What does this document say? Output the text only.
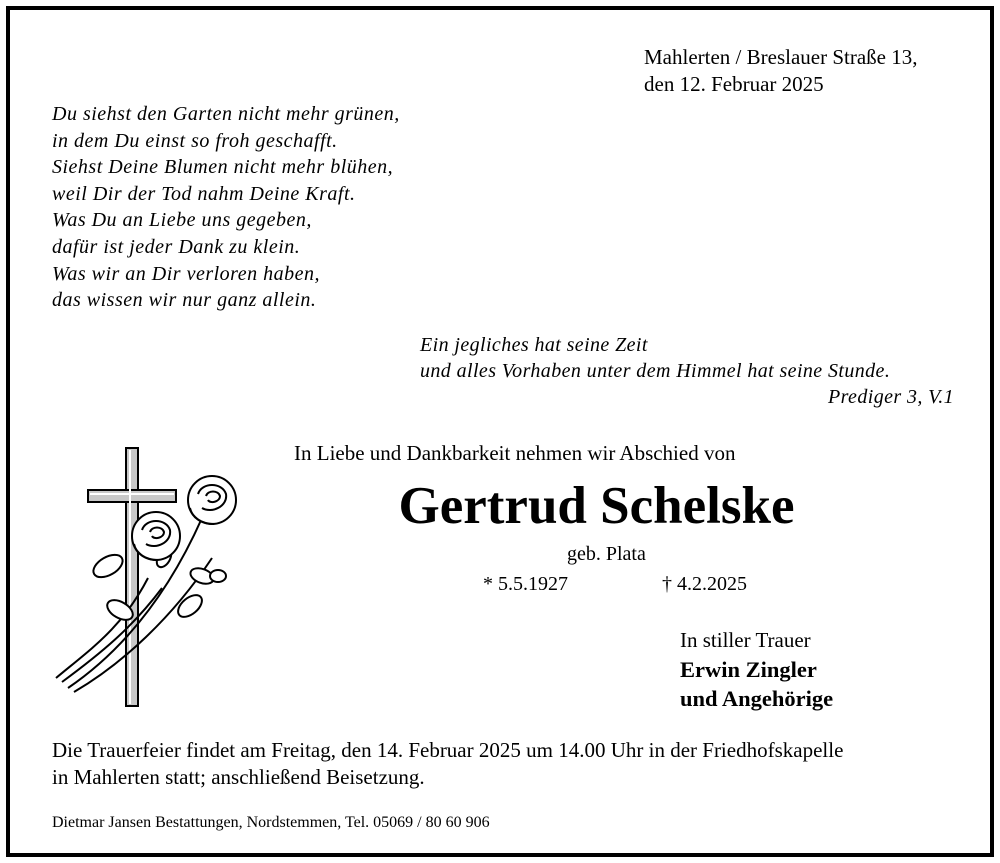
Mahlerten / Breslauer Straße 13,
den 12. Februar 2025
Du siehst den Garten nicht mehr grünen,
in dem Du einst so froh geschafft.
Siehst Deine Blumen nicht mehr blühen,
weil Dir der Tod nahm Deine Kraft.
Was Du an Liebe uns gegeben,
dafür ist jeder Dank zu klein.
Was wir an Dir verloren haben,
das wissen wir nur ganz allein.
Ein jegliches hat seine Zeit
und alles Vorhaben unter dem Himmel hat seine Stunde.
Prediger 3, V.1
In Liebe und Dankbarkeit nehmen wir Abschied von
Gertrud Schelske
geb. Plata
* 5.5.1927	† 4.2.2025
In stiller Trauer
Erwin Zingler
und Angehörige
Die Trauerfeier findet am Freitag, den 14. Februar 2025 um 14.00 Uhr in der Friedhofskapelle
in Mahlerten statt; anschließend Beisetzung.
Dietmar Jansen Bestattungen, Nordstemmen, Tel. 05069 / 80 60 906
